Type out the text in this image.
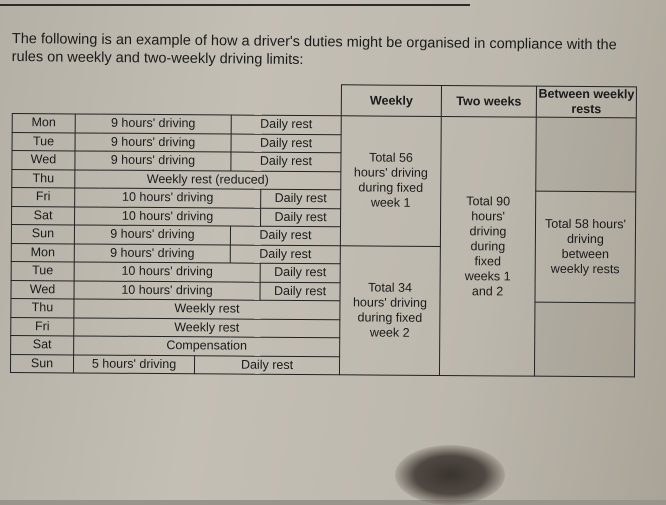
The following is an example of how a driver's duties might be organised in compliance with the rules on weekly and two-weekly driving limits:
					Weekly	Two weeks	Between weekly rests
Mon	9 hours' driving		Daily rest		Total 56 hours' driving during fixed week 1	Total 90 hours' driving during fixed weeks 1 and 2	
Tue	9 hours' driving		Daily rest				
Wed	9 hours' driving		Daily rest				
Thu	Weekly rest (reduced)						
Fri	10 hours' driving			Daily rest			Total 58 hours' driving between weekly rests
Sat	10 hours' driving			Daily rest			
Sun	9 hours' driving		Daily rest				
Mon	9 hours' driving		Daily rest		Total 34 hours' driving during fixed week 2		
Tue	10 hours' driving			Daily rest			
Wed	10 hours' driving			Daily rest			
Thu	Weekly rest						
Fri	Weekly rest						
Sat	Compensation						
Sun	5 hours' driving	Daily rest					
